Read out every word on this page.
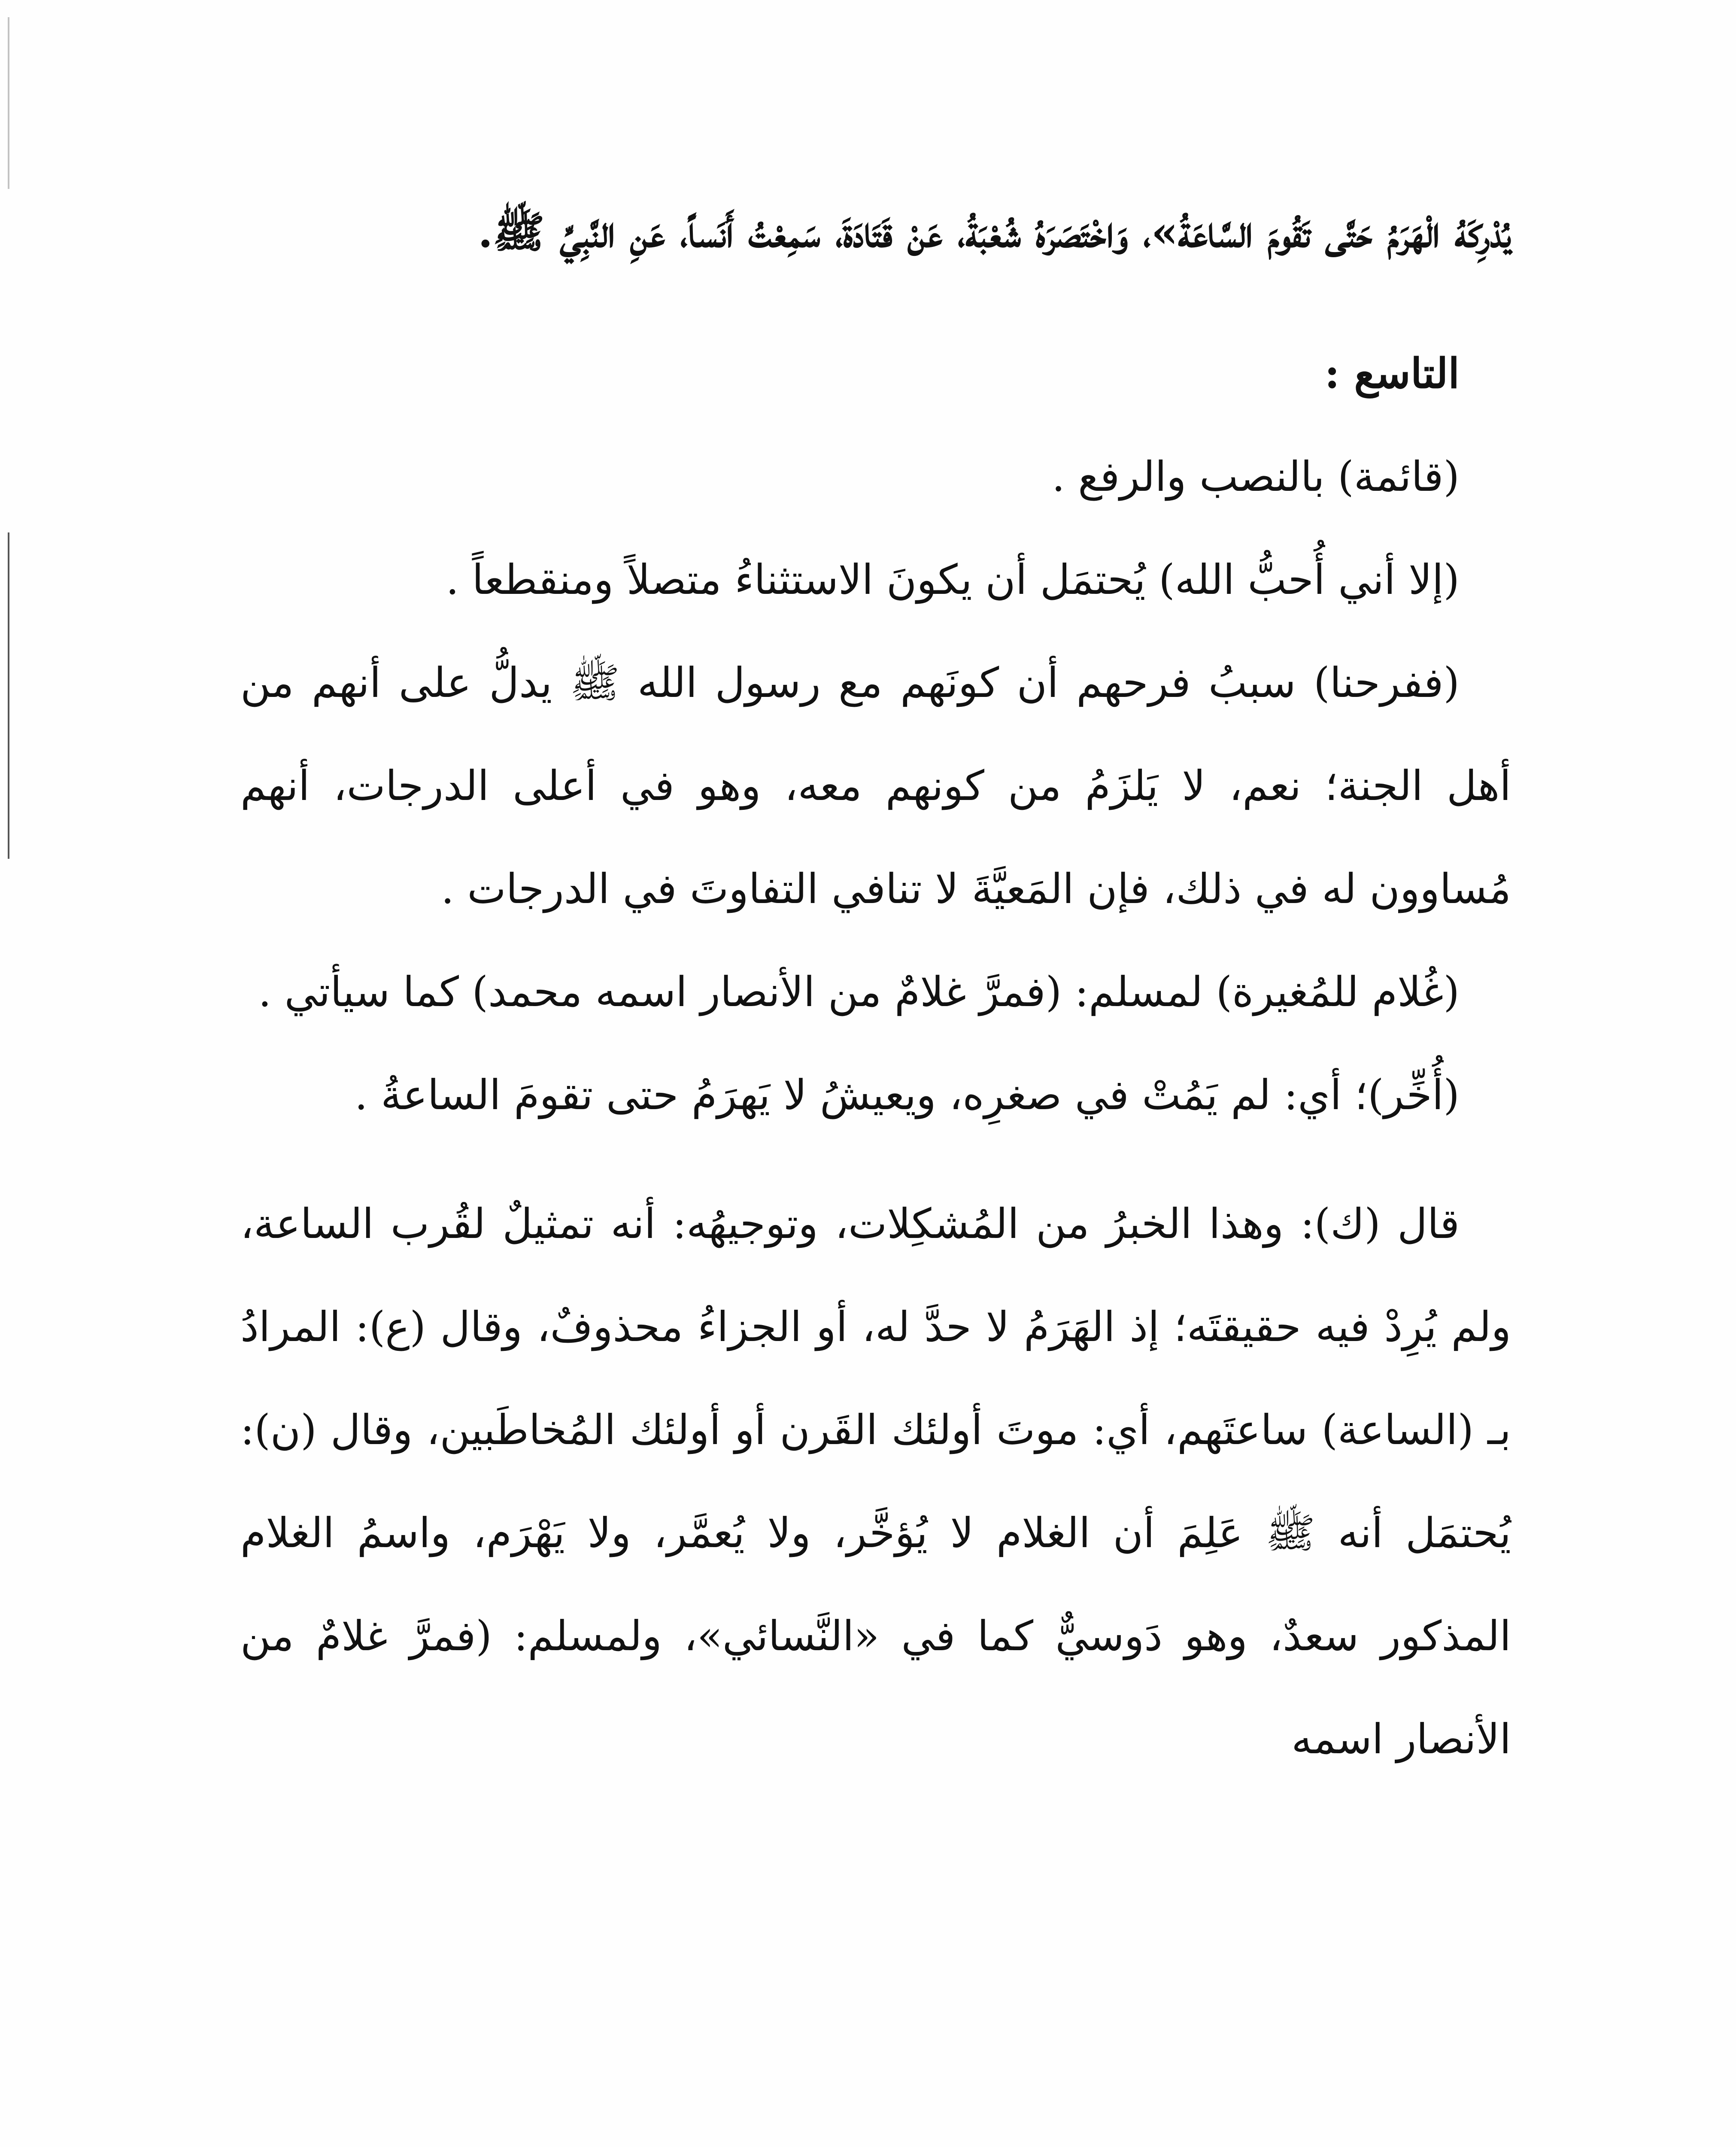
يُدْرِكَهُ الْهَرَمُ حَتَّى تَقُومَ السَّاعَةُ»، وَاخْتَصَرَهُ شُعْبَةُ، عَنْ قَتَادَةَ، سَمِعْتُ أَنَساً، عَنِ النَّبِيِّ ﷺ.

التاسع :

(قائمة) بالنصب والرفع .

(إلا أني أُحبُّ الله) يُحتمَل أن يكونَ الاستثناءُ متصلاً ومنقطعاً .

(ففرحنا) سببُ فرحهم أن كونَهم مع رسول الله ﷺ يدلُّ على أنهم من أهل الجنة؛ نعم، لا يَلزَمُ من كونهم معه، وهو في أعلى الدرجات، أنهم مُساوون له في ذلك، فإن المَعيَّةَ لا تنافي التفاوتَ في الدرجات .

(غُلام للمُغيرة) لمسلم: (فمرَّ غلامٌ من الأنصار اسمه محمد) كما سيأتي .

(أُخِّر)؛ أي: لم يَمُتْ في صغرِه، ويعيشُ لا يَهرَمُ حتى تقومَ الساعةُ .

قال (ك): وهذا الخبرُ من المُشكِلات، وتوجيهُه: أنه تمثيلٌ لقُرب الساعة، ولم يُرِدْ فيه حقيقتَه؛ إذ الهَرَمُ لا حدَّ له، أو الجزاءُ محذوفٌ، وقال (ع): المرادُ بـ (الساعة) ساعتَهم، أي: موتَ أولئك القَرن أو أولئك المُخاطَبين، وقال (ن): يُحتمَل أنه ﷺ عَلِمَ أن الغلام لا يُؤخَّر، ولا يُعمَّر، ولا يَهْرَم، واسمُ الغلام المذكور سعدٌ، وهو دَوسيٌّ كما في «النَّسائي»، ولمسلم: (فمرَّ غلامٌ من الأنصار اسمه
